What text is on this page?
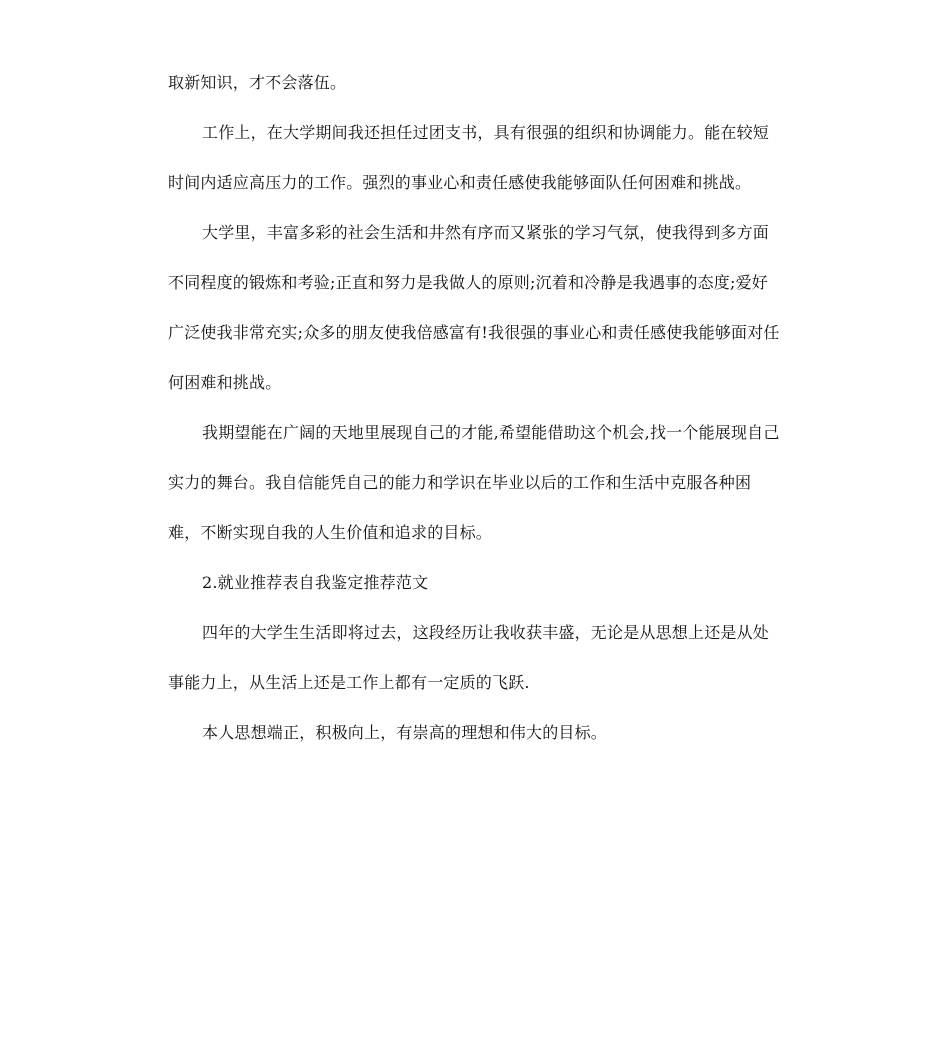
取新知识，才不会落伍。

工作上，在大学期间我还担任过团支书，具有很强的组织和协调能力。能在较短时间内适应高压力的工作。强烈的事业心和责任感使我能够面队任何困难和挑战。

大学里，丰富多彩的社会生活和井然有序而又紧张的学习气氛，使我得到多方面不同程度的锻炼和考验;正直和努力是我做人的原则;沉着和冷静是我遇事的态度;爱好广泛使我非常充实;众多的朋友使我倍感富有!我很强的事业心和责任感使我能够面对任何困难和挑战。

我期望能在广阔的天地里展现自己的才能,希望能借助这个机会,找一个能展现自己实力的舞台。我自信能凭自己的能力和学识在毕业以后的工作和生活中克服各种困难，不断实现自我的人生价值和追求的目标。

2.就业推荐表自我鉴定推荐范文

四年的大学生生活即将过去，这段经历让我收获丰盛，无论是从思想上还是从处事能力上，从生活上还是工作上都有一定质的飞跃.

本人思想端正，积极向上，有崇高的理想和伟大的目标。
